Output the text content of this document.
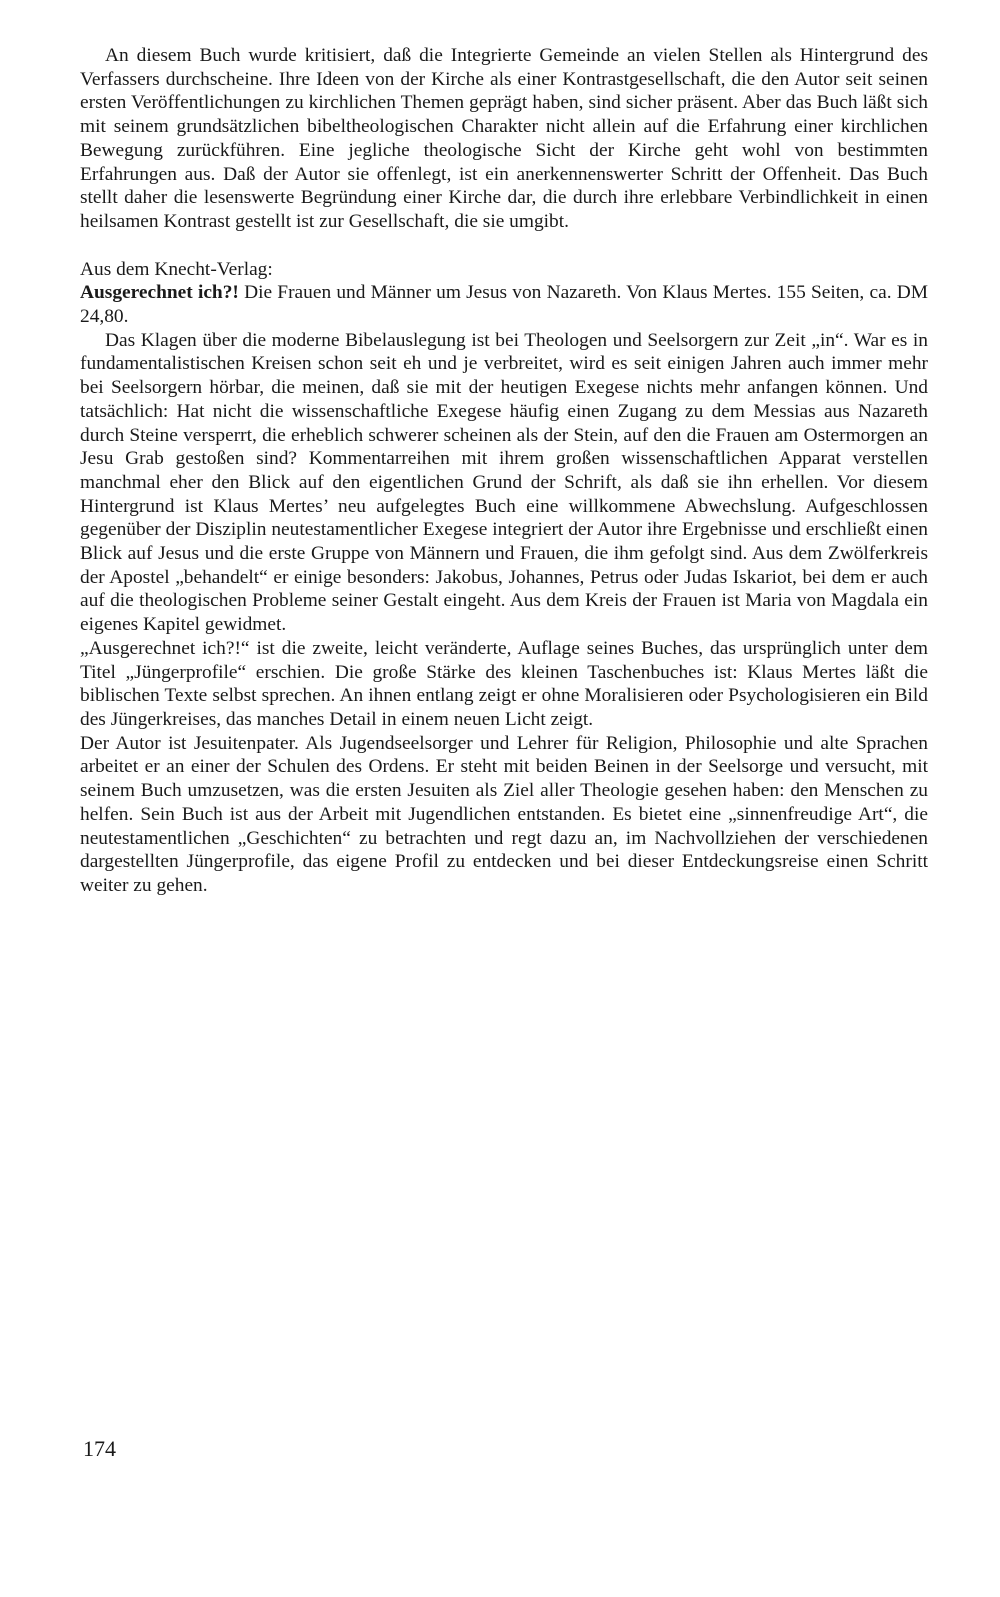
An diesem Buch wurde kritisiert, daß die Integrierte Gemeinde an vielen Stellen als Hintergrund des Verfassers durchscheine. Ihre Ideen von der Kirche als einer Kontrastgesellschaft, die den Autor seit seinen ersten Veröffentlichungen zu kirchlichen Themen geprägt haben, sind sicher präsent. Aber das Buch läßt sich mit seinem grundsätzlichen bibeltheologischen Charakter nicht allein auf die Erfahrung einer kirchlichen Bewegung zurückführen. Eine jegliche theologische Sicht der Kirche geht wohl von bestimmten Erfahrungen aus. Daß der Autor sie offenlegt, ist ein anerkennenswerter Schritt der Offenheit. Das Buch stellt daher die lesenswerte Begründung einer Kirche dar, die durch ihre erlebbare Verbindlichkeit in einen heilsamen Kontrast gestellt ist zur Gesellschaft, die sie umgibt.

Aus dem Knecht-Verlag:

Ausgerechnet ich?! Die Frauen und Männer um Jesus von Nazareth. Von Klaus Mertes. 155 Seiten, ca. DM 24,80.

Das Klagen über die moderne Bibelauslegung ist bei Theologen und Seelsorgern zur Zeit „in“. War es in fundamentalistischen Kreisen schon seit eh und je verbreitet, wird es seit einigen Jahren auch immer mehr bei Seelsorgern hörbar, die meinen, daß sie mit der heutigen Exegese nichts mehr anfangen können. Und tatsächlich: Hat nicht die wissenschaftliche Exegese häufig einen Zugang zu dem Messias aus Nazareth durch Steine versperrt, die erheblich schwerer scheinen als der Stein, auf den die Frauen am Ostermorgen an Jesu Grab gestoßen sind? Kommentarreihen mit ihrem großen wissenschaftlichen Apparat verstellen manchmal eher den Blick auf den eigentlichen Grund der Schrift, als daß sie ihn erhellen. Vor diesem Hintergrund ist Klaus Mertes’ neu aufgelegtes Buch eine willkommene Abwechslung. Aufgeschlossen gegenüber der Disziplin neutestamentlicher Exegese integriert der Autor ihre Ergebnisse und erschließt einen Blick auf Jesus und die erste Gruppe von Männern und Frauen, die ihm gefolgt sind. Aus dem Zwölferkreis der Apostel „behandelt“ er einige besonders: Jakobus, Johannes, Petrus oder Judas Iskariot, bei dem er auch auf die theologischen Probleme seiner Gestalt eingeht. Aus dem Kreis der Frauen ist Maria von Magdala ein eigenes Kapitel gewidmet.

„Ausgerechnet ich?!“ ist die zweite, leicht veränderte, Auflage seines Buches, das ursprünglich unter dem Titel „Jüngerprofile“ erschien. Die große Stärke des kleinen Taschenbuches ist: Klaus Mertes läßt die biblischen Texte selbst sprechen. An ihnen entlang zeigt er ohne Moralisieren oder Psychologisieren ein Bild des Jüngerkreises, das manches Detail in einem neuen Licht zeigt.

Der Autor ist Jesuitenpater. Als Jugendseelsorger und Lehrer für Religion, Philosophie und alte Sprachen arbeitet er an einer der Schulen des Ordens. Er steht mit beiden Beinen in der Seelsorge und versucht, mit seinem Buch umzusetzen, was die ersten Jesuiten als Ziel aller Theologie gesehen haben: den Menschen zu helfen. Sein Buch ist aus der Arbeit mit Jugendlichen entstanden. Es bietet eine „sinnenfreudige Art“, die neutestamentlichen „Geschichten“ zu betrachten und regt dazu an, im Nachvollziehen der verschiedenen dargestellten Jüngerprofile, das eigene Profil zu entdecken und bei dieser Entdeckungsreise einen Schritt weiter zu gehen.

174
